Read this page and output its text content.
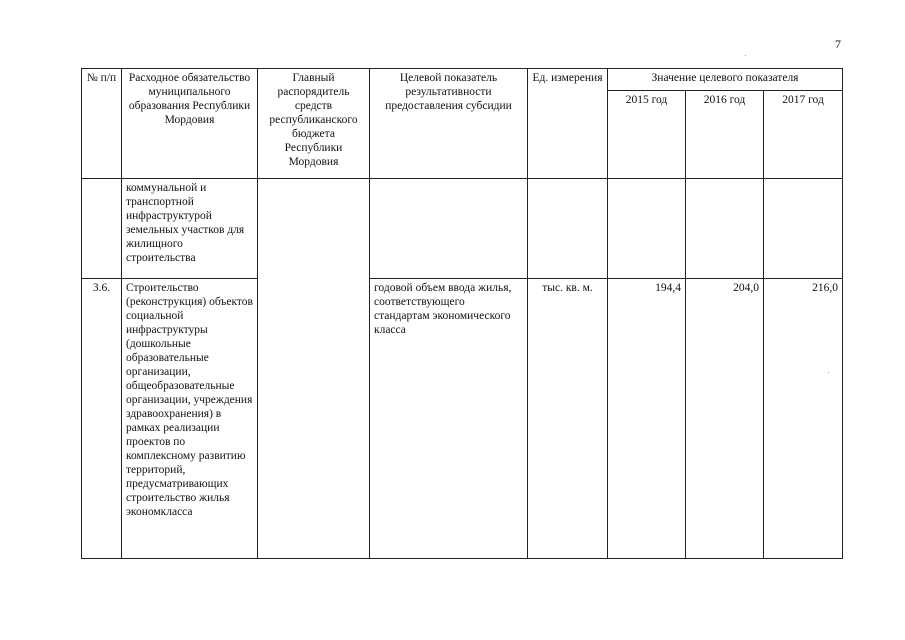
7
№ п/п	Расходное обязательство муниципального образования Республики Мордовия	Главный распорядитель средств республиканского бюджета Республики Мордовия	Целевой показатель результативности предоставления субсидии	Ед. измерения	Значение целевого показателя		
					2015 год	2016 год	2017 год
	коммунальной и транспортной инфраструктурой земельных участков для жилищного строительства						
3.6.	Строительство (реконструкция) объектов социальной инфраструктуры (дошкольные образовательные организации, общеобразовательные организации, учреждения здравоохранения) в рамках реализации проектов по комплексному развитию территорий, предусматривающих строительство жилья экономкласса		годовой объем ввода жилья, соответствующего стандартам экономического класса	тыс. кв. м.	194,4	204,0	216,0
